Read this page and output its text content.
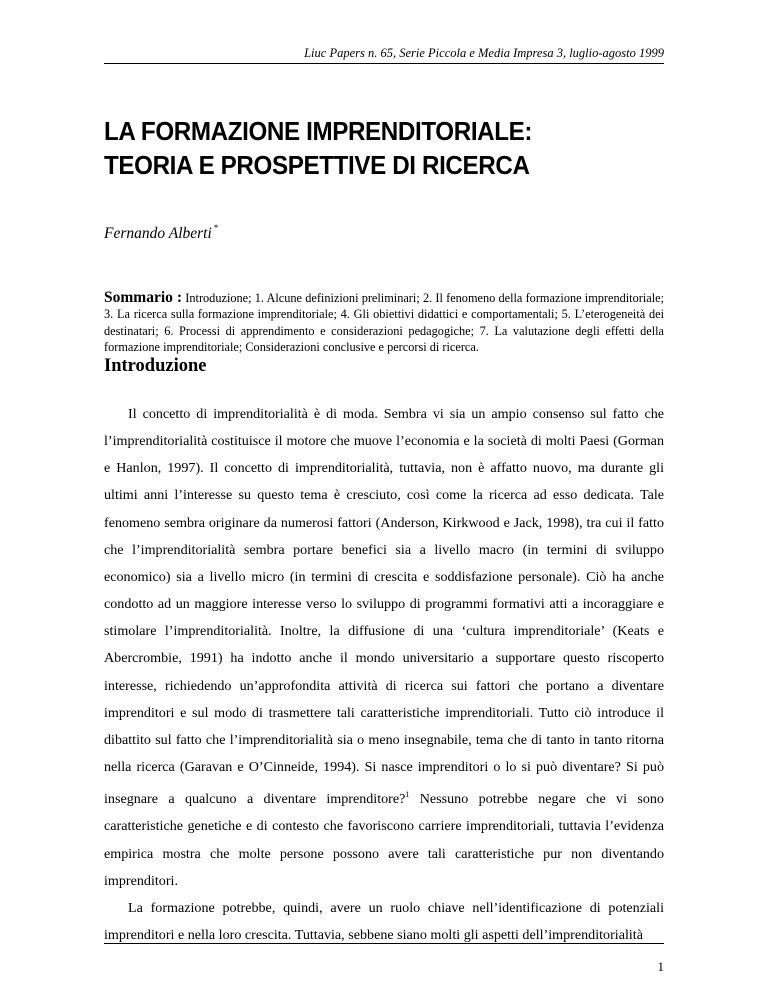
Liuc Papers n. 65, Serie Piccola e Media Impresa 3, luglio-agosto 1999
LA FORMAZIONE IMPRENDITORIALE:
TEORIA E PROSPETTIVE DI RICERCA
Fernando Alberti *
Sommario : Introduzione; 1. Alcune definizioni preliminari; 2. Il fenomeno della formazione imprenditoriale; 3. La ricerca sulla formazione imprenditoriale; 4. Gli obiettivi didattici e comportamentali; 5. L’eterogeneità dei destinatari; 6. Processi di apprendimento e considerazioni pedagogiche; 7. La valutazione degli effetti della formazione imprenditoriale; Considerazioni conclusive e percorsi di ricerca.
Introduzione

Il concetto di imprenditorialità è di moda. Sembra vi sia un ampio consenso sul fatto che l’imprenditorialità costituisce il motore che muove l’economia e la società di molti Paesi (Gorman e Hanlon, 1997). Il concetto di imprenditorialità, tuttavia, non è affatto nuovo, ma durante gli ultimi anni l’interesse su questo tema è cresciuto, così come la ricerca ad esso dedicata. Tale fenomeno sembra originare da numerosi fattori (Anderson, Kirkwood e Jack, 1998), tra cui il fatto che l’imprenditorialità sembra portare benefici sia a livello macro (in termini di sviluppo economico) sia a livello micro (in termini di crescita e soddisfazione personale). Ciò ha anche condotto ad un maggiore interesse verso lo sviluppo di programmi formativi atti a incoraggiare e stimolare l’imprenditorialità. Inoltre, la diffusione di una ‘cultura imprenditoriale’ (Keats e Abercrombie, 1991) ha indotto anche il mondo universitario a supportare questo riscoperto interesse, richiedendo un’approfondita attività di ricerca sui fattori che portano a diventare imprenditori e sul modo di trasmettere tali caratteristiche imprenditoriali. Tutto ciò introduce il dibattito sul fatto che l’imprenditorialità sia o meno insegnabile, tema che di tanto in tanto ritorna nella ricerca (Garavan e O’Cinneide, 1994). Si nasce imprenditori o lo si può diventare? Si può insegnare a qualcuno a diventare imprenditore?$^1$ Nessuno potrebbe negare che vi sono caratteristiche genetiche e di contesto che favoriscono carriere imprenditoriali, tuttavia l’evidenza empirica mostra che molte persone possono avere tali caratteristiche pur non diventando imprenditori.

La formazione potrebbe, quindi, avere un ruolo chiave nell’identificazione di potenziali imprenditori e nella loro crescita. Tuttavia, sebbene siano molti gli aspetti dell’imprenditorialità

1
